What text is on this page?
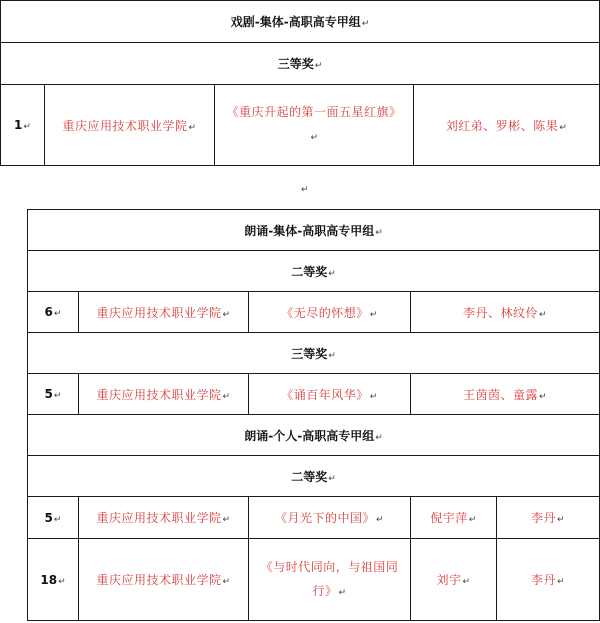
戏剧-集体-高职高专甲组 ↵
三等奖 ↵
1 ↵	重庆应用技术职业学院 ↵	《重庆升起的第一面五星红旗》 ↵	刘红弟、罗彬、陈果 ↵
↵
朗诵-集体-高职高专甲组 ↵
二等奖 ↵
6 ↵	重庆应用技术职业学院 ↵	《无尽的怀想》 ↵	李丹、林纹伶 ↵
三等奖 ↵
5 ↵	重庆应用技术职业学院 ↵	《诵百年风华》 ↵	王茵茵、童露 ↵
朗诵-个人-高职高专甲组 ↵
二等奖 ↵
5 ↵	重庆应用技术职业学院 ↵	《月光下的中国》 ↵	倪宇萍 ↵	李丹 ↵
18 ↵	重庆应用技术职业学院 ↵	《与时代同向，与祖国同行》 ↵	刘宇 ↵	李丹 ↵
